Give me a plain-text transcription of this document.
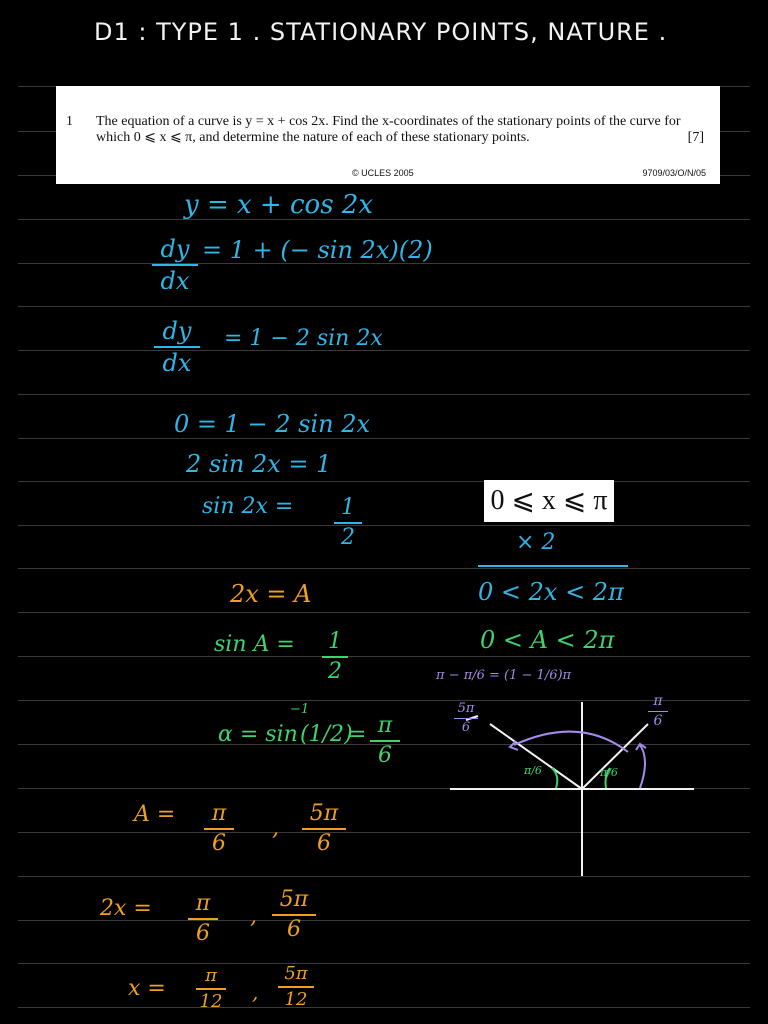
D1 : TYPE 1 . STATIONARY POINTS, NATURE .
1 The equation of a curve is y = x + cos 2x. Find the x-coordinates of the stationary points of the curve for which 0 ⩽ x ⩽ π, and determine the nature of each of these stationary points.	[7]
© UCLES 2005	9709/03/O/N/05
y = x + cos 2x
dy
dx
= 1 + (− sin 2x)(2)
dy
dx
= 1 − 2 sin 2x
0 = 1 − 2 sin 2x
2 sin 2x = 1
sin 2x =	1
2
0 ⩽ x ⩽ π
× 2
0 < 2x < 2π
2x = A
0 < A < 2π
sin A = 1
2
α = sin
−1
(1/2)
= π
6
A =	π
6
,
5π
6
2x =	π
6
,
5π
6
x =
π
12 ,
5π
12
π − π/6 = (1 − 1/6)π
5π
6
π
6
π/6	π/6
